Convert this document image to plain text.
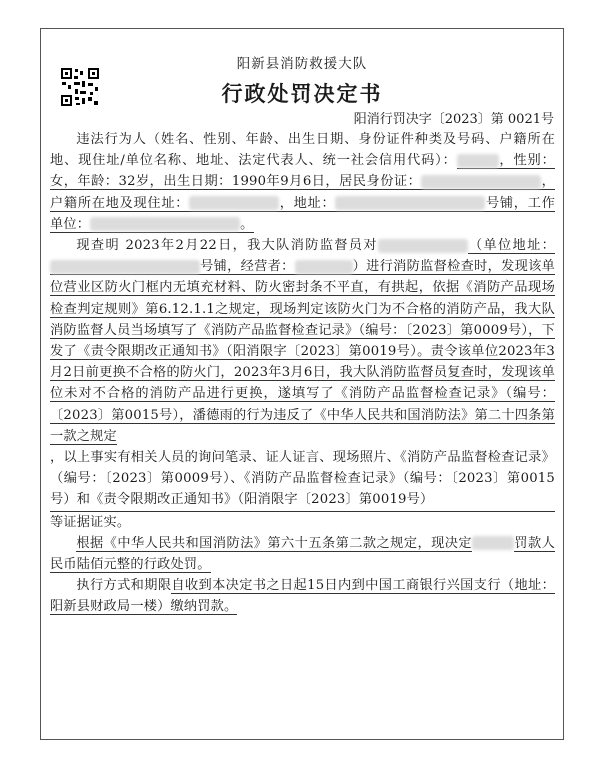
阳新县消防救援大队
行政处罚决定书
阳消行罚决字〔2023〕第 0021号

违法行为人（姓名、性别、年龄、出生日期、身份证件种类及号码、户籍所在地、现住址/单位名称、地址、法定代表人、统一社会信用代码）：	，性别：女，年龄：32岁，出生日期：1990年9月6日，居民身份证：	，户籍所在地及现住址：	，地址：	号铺，工作单位：	。

现查明 2023年2月22日，我大队消防监督员对	（单位地址：号铺，经营者：	）进行消防监督检查时，发现该单位营业区防火门框内无填充材料、防火密封条不平直，有拱起，依据《消防产品现场检查判定规则》第6.12.1.1之规定，现场判定该防火门为不合格的消防产品，我大队消防监督人员当场填写了《消防产品监督检查记录》（编号：〔2023〕第0009号），下发了《责令限期改正通知书》（阳消限字〔2023〕第0019号）。责令该单位2023年3月2日前更换不合格的防火门，2023年3月6日，我大队消防监督员复查时，发现该单位未对不合格的消防产品进行更换，遂填写了《消防产品监督检查记录》（编号：〔2023〕第0015号），潘德雨的行为违反了《中华人民共和国消防法》第二十四条第一款之规定

，以上事实有相关人员的询问笔录、证人证言、现场照片、《消防产品监督检查记录》（编号：〔2023〕第0009号）、《消防产品监督检查记录》（编号：〔2023〕第0015号）和《责令限期改正通知书》（阳消限字〔2023〕第0019号）

等证据证实。

根据《中华人民共和国消防法》第六十五条第二款之规定，现决定	罚款人民币陆佰元整的行政处罚。

执行方式和期限自收到本决定书之日起15日内到中国工商银行兴国支行（地址：阳新县财政局一楼）缴纳罚款。
